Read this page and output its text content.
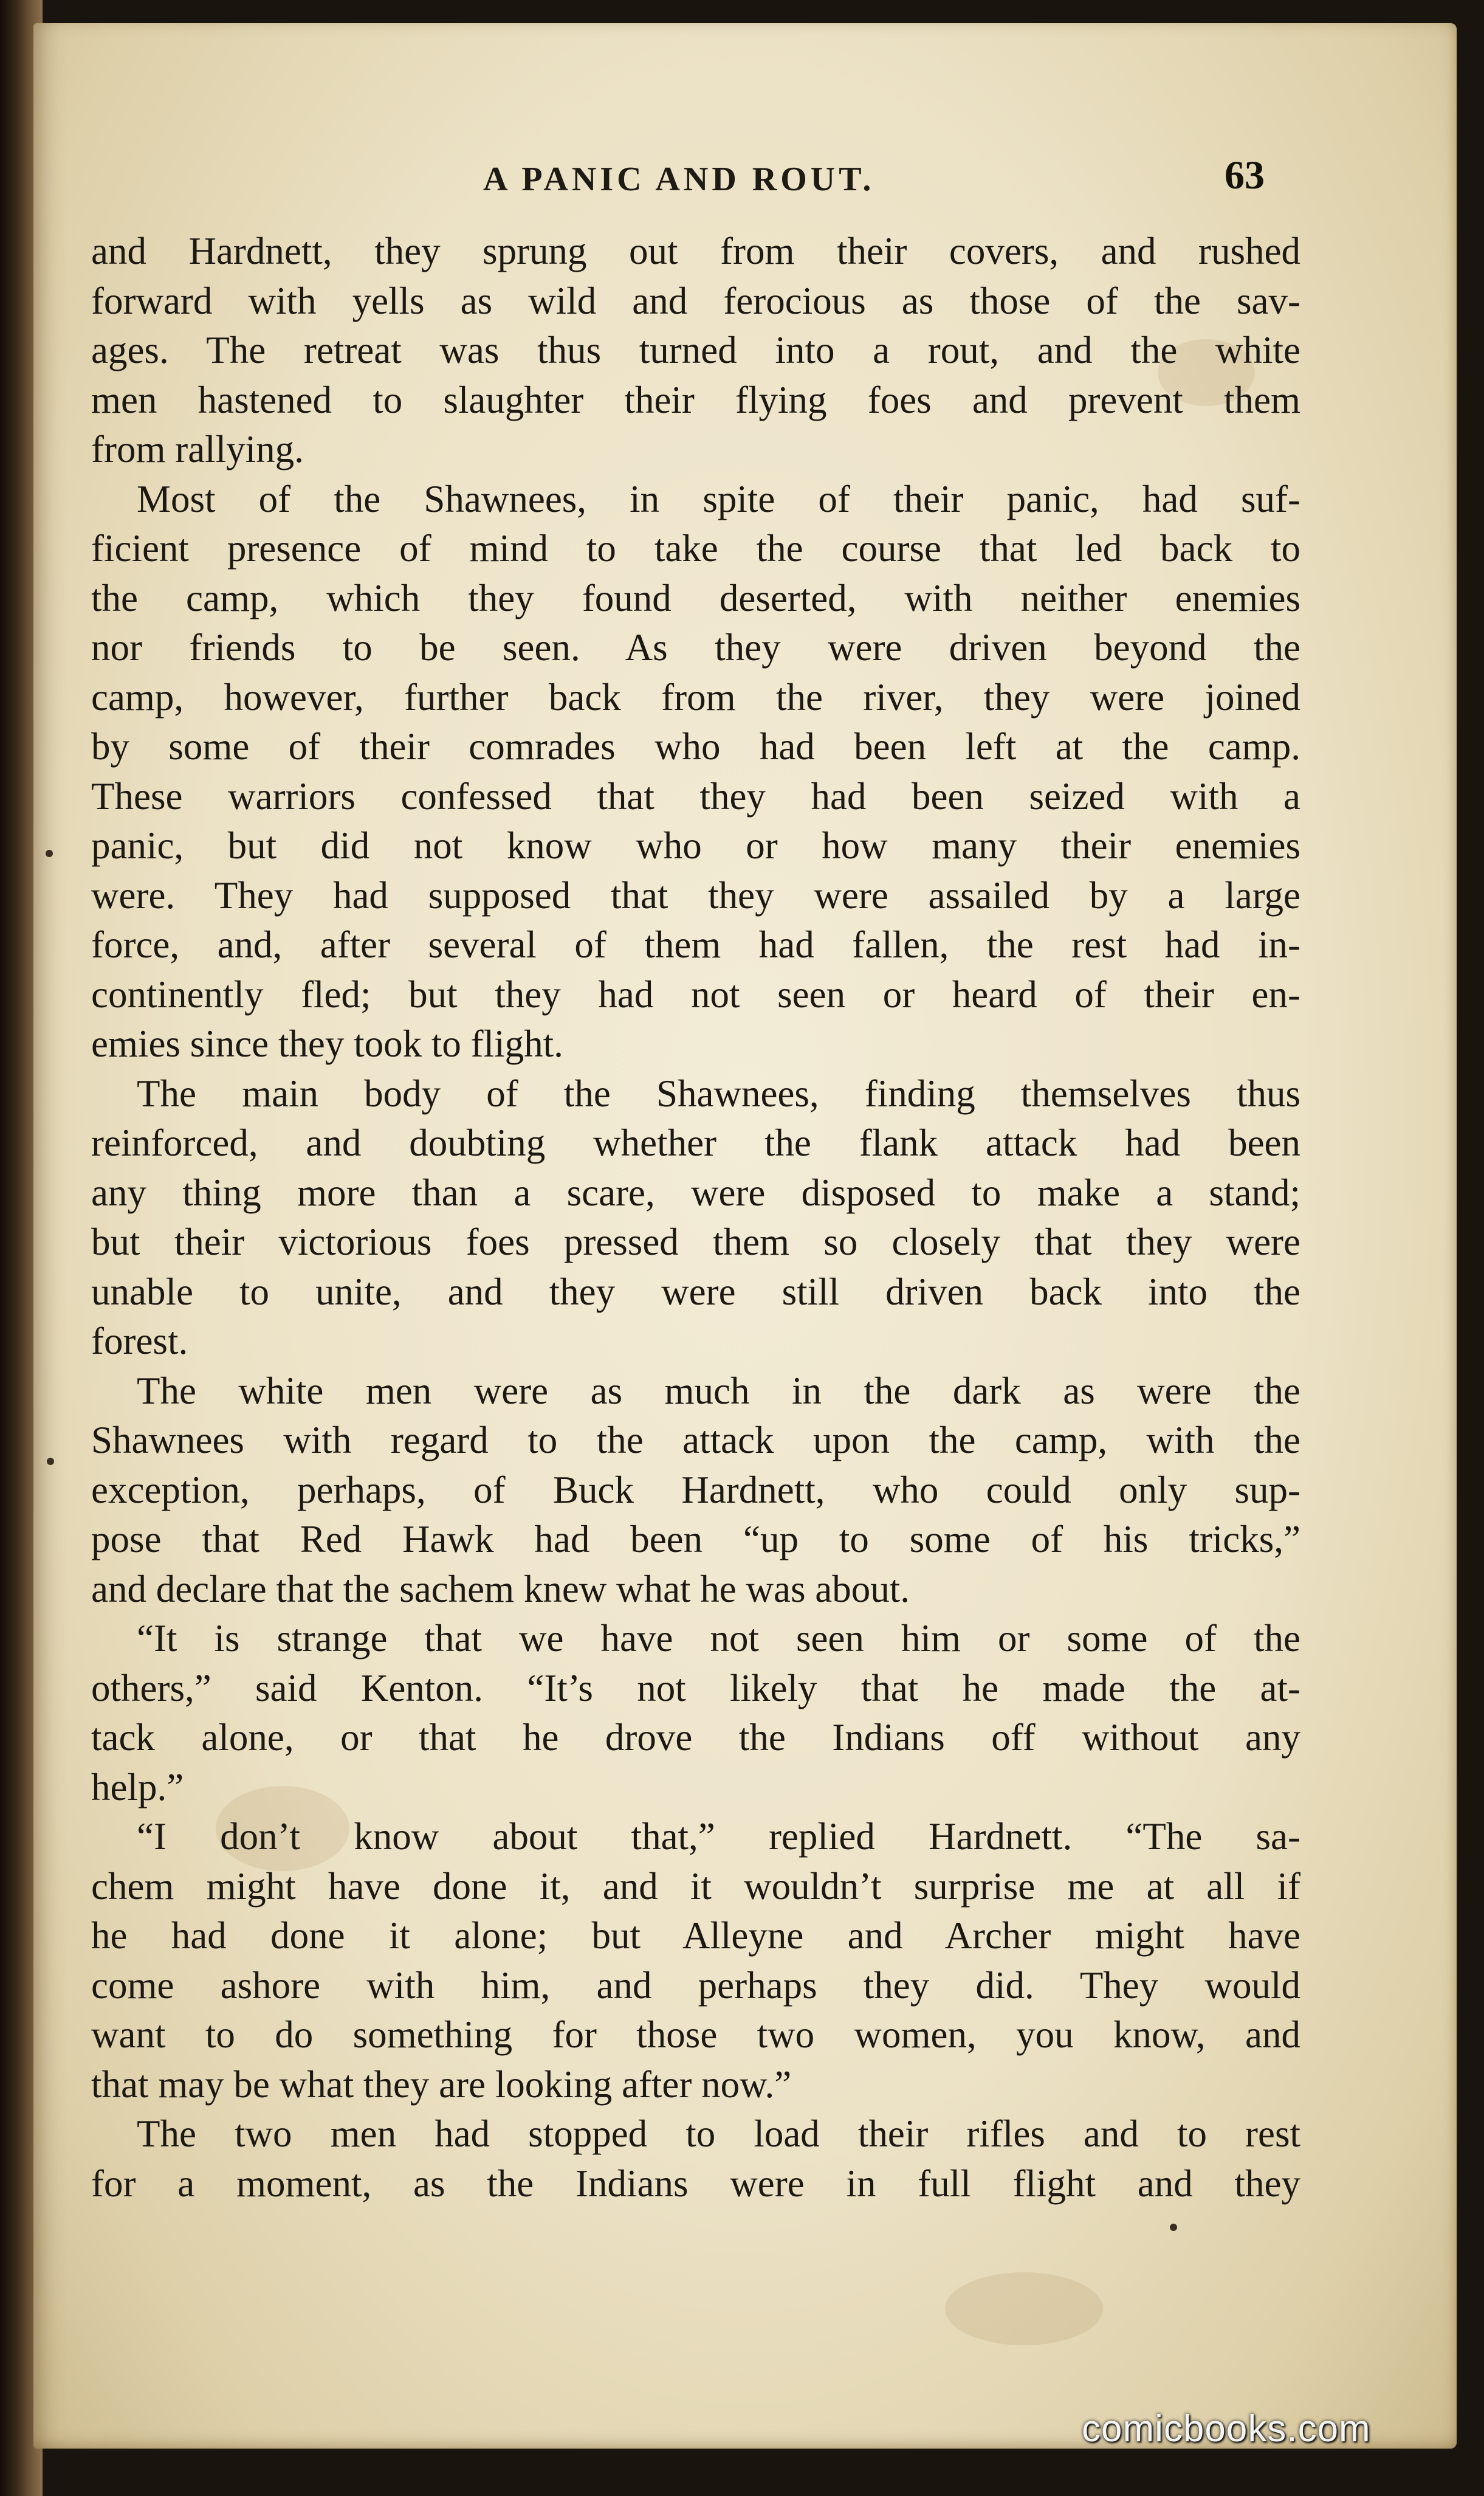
A PANIC AND ROUT.	63
and Hardnett, they sprung out from their covers, and rushed
forward with yells as wild and ferocious as those of the sav-
ages. The retreat was thus turned into a rout, and the white
men hastened to slaughter their flying foes and prevent them
from rallying.
Most of the Shawnees, in spite of their panic, had suf-
ficient presence of mind to take the course that led back to
the camp, which they found deserted, with neither enemies
nor friends to be seen. As they were driven beyond the
camp, however, further back from the river, they were joined
by some of their comrades who had been left at the camp.
These warriors confessed that they had been seized with a
panic, but did not know who or how many their enemies
were. They had supposed that they were assailed by a large
force, and, after several of them had fallen, the rest had in-
continently fled; but they had not seen or heard of their en-
emies since they took to flight.
The main body of the Shawnees, finding themselves thus
reinforced, and doubting whether the flank attack had been
any thing more than a scare, were disposed to make a stand;
but their victorious foes pressed them so closely that they were
unable to unite, and they were still driven back into the
forest.
The white men were as much in the dark as were the
Shawnees with regard to the attack upon the camp, with the
exception, perhaps, of Buck Hardnett, who could only sup-
pose that Red Hawk had been “up to some of his tricks,”
and declare that the sachem knew what he was about.
“It is strange that we have not seen him or some of the
others,” said Kenton. “It’s not likely that he made the at-
tack alone, or that he drove the Indians off without any
help.”
“I don’t know about that,” replied Hardnett. “The sa-
chem might have done it, and it wouldn’t surprise me at all if
he had done it alone; but Alleyne and Archer might have
come ashore with him, and perhaps they did. They would
want to do something for those two women, you know, and
that may be what they are looking after now.”
The two men had stopped to load their rifles and to rest
for a moment, as the Indians were in full flight and they
comicbooks.com
